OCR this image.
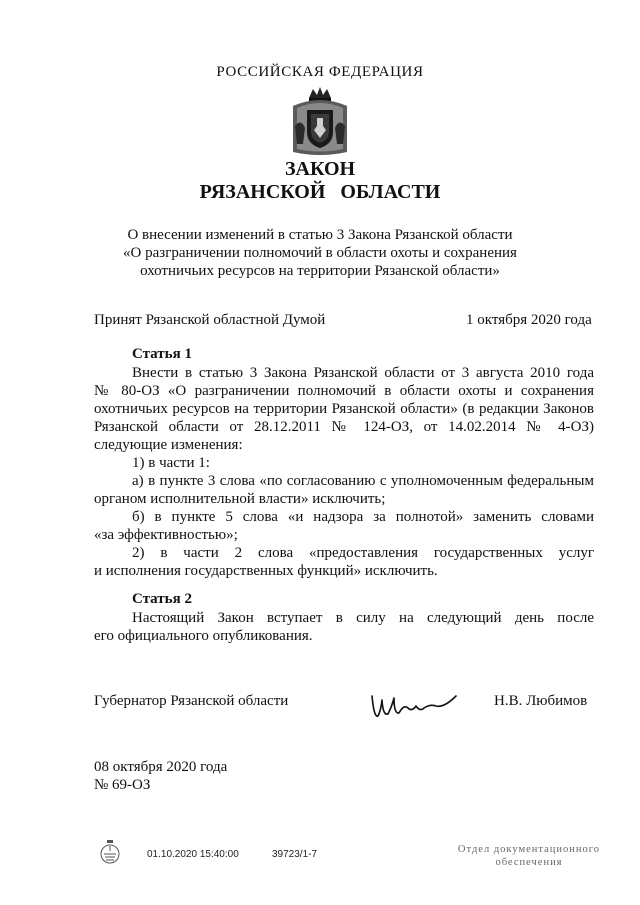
РОССИЙСКАЯ ФЕДЕРАЦИЯ
ЗАКОН
РЯЗАНСКОЙ   ОБЛАСТИ
О внесении изменений в статью 3 Закона Рязанской области
«О разграничении полномочий в области охоты и сохранения
охотничьих ресурсов на территории Рязанской области»
Принят Рязанской областной Думой	1 октября 2020 года
Статья 1
Внести в статью 3 Закона Рязанской области от 3 августа 2010 года
№ 80-ОЗ «О разграничении полномочий в области охоты и сохранения
охотничьих ресурсов на территории Рязанской области» (в редакции Законов
Рязанской области от 28.12.2011 № 124-ОЗ, от 14.02.2014 № 4-ОЗ)
следующие изменения:
1) в части 1:
а) в пункте 3 слова «по согласованию с уполномоченным федеральным
органом исполнительной власти» исключить;
б) в пункте 5 слова «и надзора за полнотой» заменить словами
«за эффективностью»;
2) в части 2 слова «предоставления государственных услуг
и исполнения государственных функций» исключить.
Статья 2
Настоящий Закон вступает в силу на следующий день после
его официального опубликования.
Губернатор Рязанской области	Н.В. Любимов
08 октября 2020 года
№ 69-ОЗ
01.10.2020 15:40:00	39723/1-7	Отдел документационного
обеспечения
